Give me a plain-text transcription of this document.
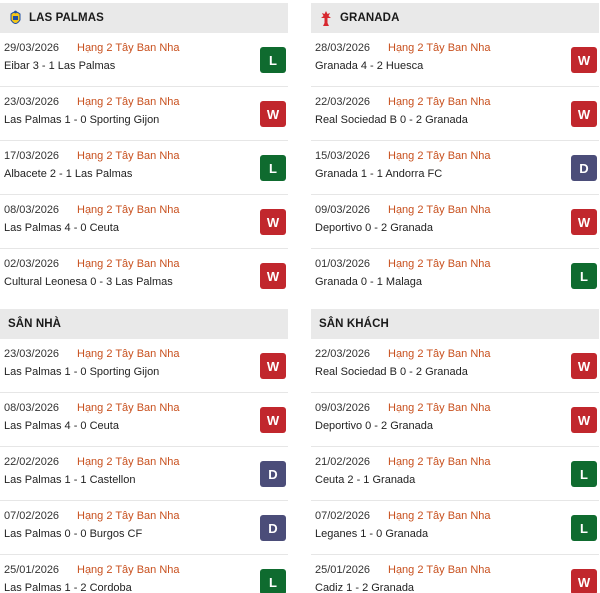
LAS PALMAS
29/03/2026 Hạng 2 Tây Ban Nha
Eibar 3 - 1 Las Palmas	L
23/03/2026 Hạng 2 Tây Ban Nha
Las Palmas 1 - 0 Sporting Gijon	W
17/03/2026 Hạng 2 Tây Ban Nha
Albacete 2 - 1 Las Palmas	L
08/03/2026 Hạng 2 Tây Ban Nha
Las Palmas 4 - 0 Ceuta	W
02/03/2026 Hạng 2 Tây Ban Nha
Cultural Leonesa 0 - 3 Las Palmas	W
SÂN NHÀ
23/03/2026 Hạng 2 Tây Ban Nha
Las Palmas 1 - 0 Sporting Gijon	W
08/03/2026 Hạng 2 Tây Ban Nha
Las Palmas 4 - 0 Ceuta	W
22/02/2026 Hạng 2 Tây Ban Nha
Las Palmas 1 - 1 Castellon	D
07/02/2026 Hạng 2 Tây Ban Nha
Las Palmas 0 - 0 Burgos CF	D
25/01/2026 Hạng 2 Tây Ban Nha
Las Palmas 1 - 2 Cordoba	L
GRANADA
28/03/2026 Hạng 2 Tây Ban Nha
Granada 4 - 2 Huesca	W
22/03/2026 Hạng 2 Tây Ban Nha
Real Sociedad B 0 - 2 Granada	W
15/03/2026 Hạng 2 Tây Ban Nha
Granada 1 - 1 Andorra FC	D
09/03/2026 Hạng 2 Tây Ban Nha
Deportivo 0 - 2 Granada	W
01/03/2026 Hạng 2 Tây Ban Nha
Granada 0 - 1 Malaga	L
SÂN KHÁCH
22/03/2026 Hạng 2 Tây Ban Nha
Real Sociedad B 0 - 2 Granada	W
09/03/2026 Hạng 2 Tây Ban Nha
Deportivo 0 - 2 Granada	W
21/02/2026 Hạng 2 Tây Ban Nha
Ceuta 2 - 1 Granada	L
07/02/2026 Hạng 2 Tây Ban Nha
Leganes 1 - 0 Granada	L
25/01/2026 Hạng 2 Tây Ban Nha
Cadiz 1 - 2 Granada	W
